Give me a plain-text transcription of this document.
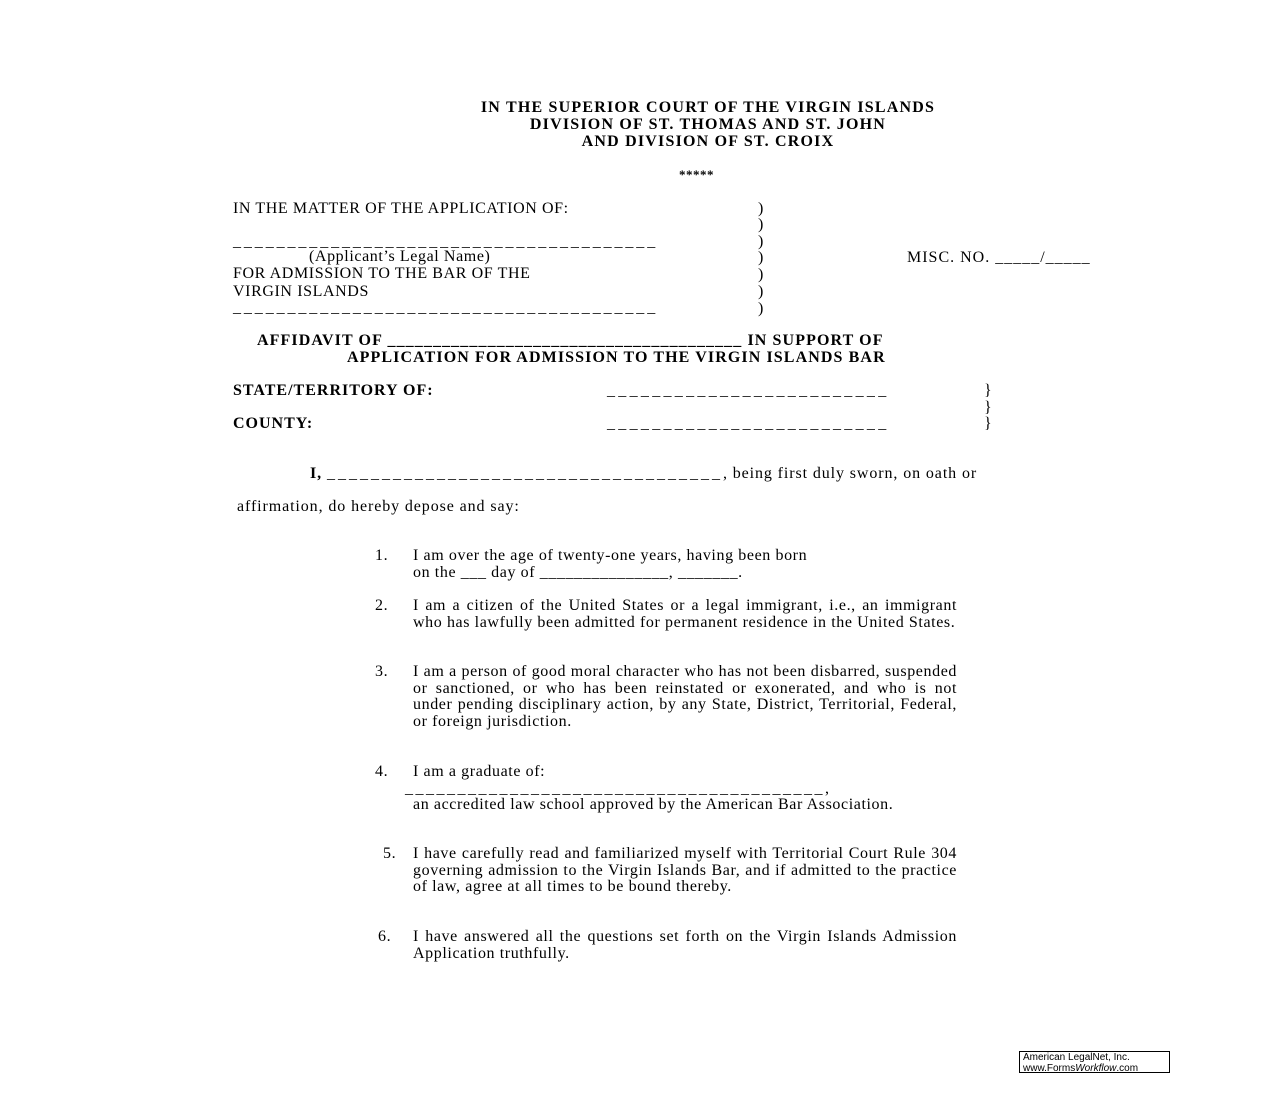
IN THE SUPERIOR COURT OF THE VIRGIN ISLANDS
DIVISION OF ST. THOMAS AND ST. JOHN
AND DIVISION OF ST. CROIX
*****
IN THE MATTER OF THE APPLICATION OF:
_______________________________________
(Applicant’s Legal Name)
FOR ADMISSION TO THE BAR OF THE
VIRGIN ISLANDS
_______________________________________
)
)
)
)
)
)
)
MISC. NO. _____/_____
AFFIDAVIT OF _______________________________________ IN SUPPORT OF
APPLICATION FOR ADMISSION TO THE VIRGIN ISLANDS BAR
STATE/TERRITORY OF:	_________________________
COUNTY:	_________________________
}
}
}
I, ____________________________________, being first duly sworn, on oath or
affirmation, do hereby depose and say:
1. I am over the age of twenty-one years, having been born

on the ___ day of _______________, _______.

2. I am a citizen of the United States or a legal immigrant, i.e., an immigrant who has lawfully been admitted for permanent residence in the United States.

3. I am a person of good moral character who has not been disbarred, suspended or sanctioned, or who has been reinstated or exonerated, and who is not under pending disciplinary action, by any State, District, Territorial, Federal, or foreign jurisdiction.

4. I am a graduate of:

________________________________________,

an accredited law school approved by the American Bar Association.

5. I have carefully read and familiarized myself with Territorial Court Rule 304 governing admission to the Virgin Islands Bar, and if admitted to the practice of law, agree at all times to be bound thereby.

6. I have answered all the questions set forth on the Virgin Islands Admission Application truthfully.

American LegalNet, Inc.
www.FormsWorkflow.com
